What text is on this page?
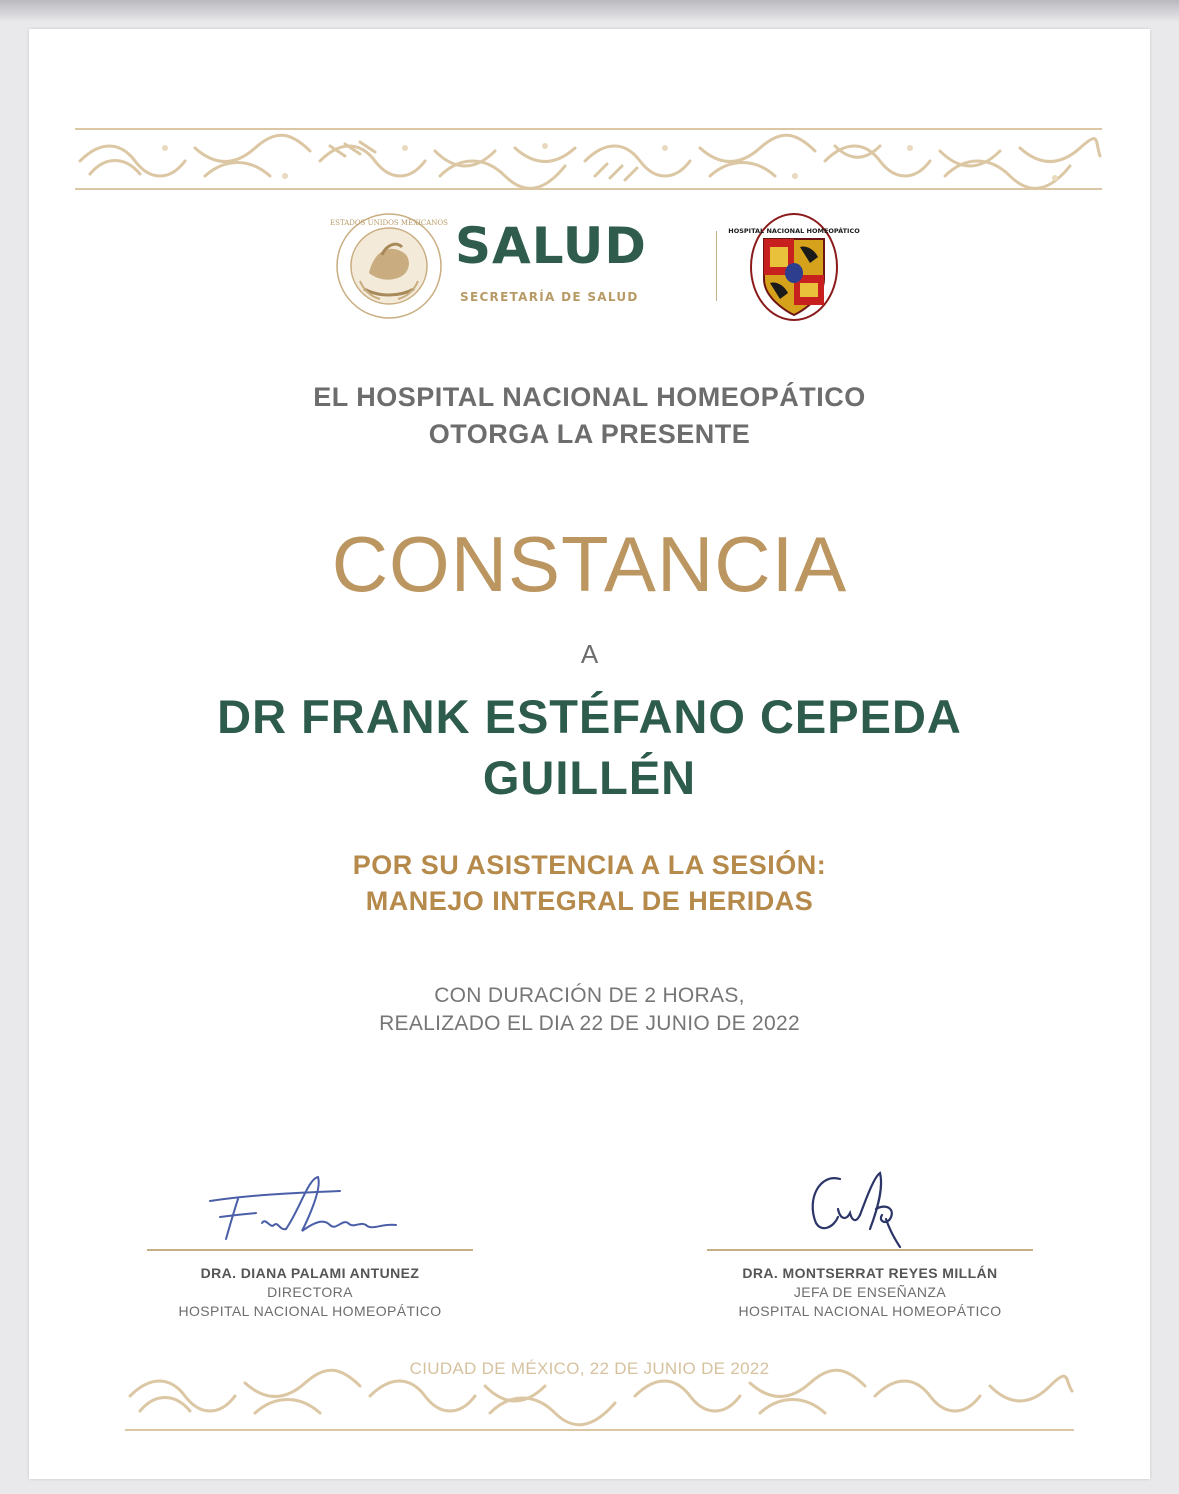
ESTADOS UNIDOS MEXICANOS SALUD
SECRETARÍA DE SALUD
HOSPITAL NACIONAL HOMEOPÁTICO
EL HOSPITAL NACIONAL HOMEOPÁTICO
OTORGA LA PRESENTE
CONSTANCIA
A
DR FRANK ESTÉFANO CEPEDA
GUILLÉN
POR SU ASISTENCIA A LA SESIÓN:
MANEJO INTEGRAL DE HERIDAS
CON DURACIÓN DE 2 HORAS,
REALIZADO EL DIA 22 DE JUNIO DE 2022
DRA. DIANA PALAMI ANTUNEZ
DIRECTORA
HOSPITAL NACIONAL HOMEOPÁTICO
DRA. MONTSERRAT REYES MILLÁN
JEFA DE ENSEÑANZA
HOSPITAL NACIONAL HOMEOPÁTICO
CIUDAD DE MÉXICO, 22 DE JUNIO DE 2022
